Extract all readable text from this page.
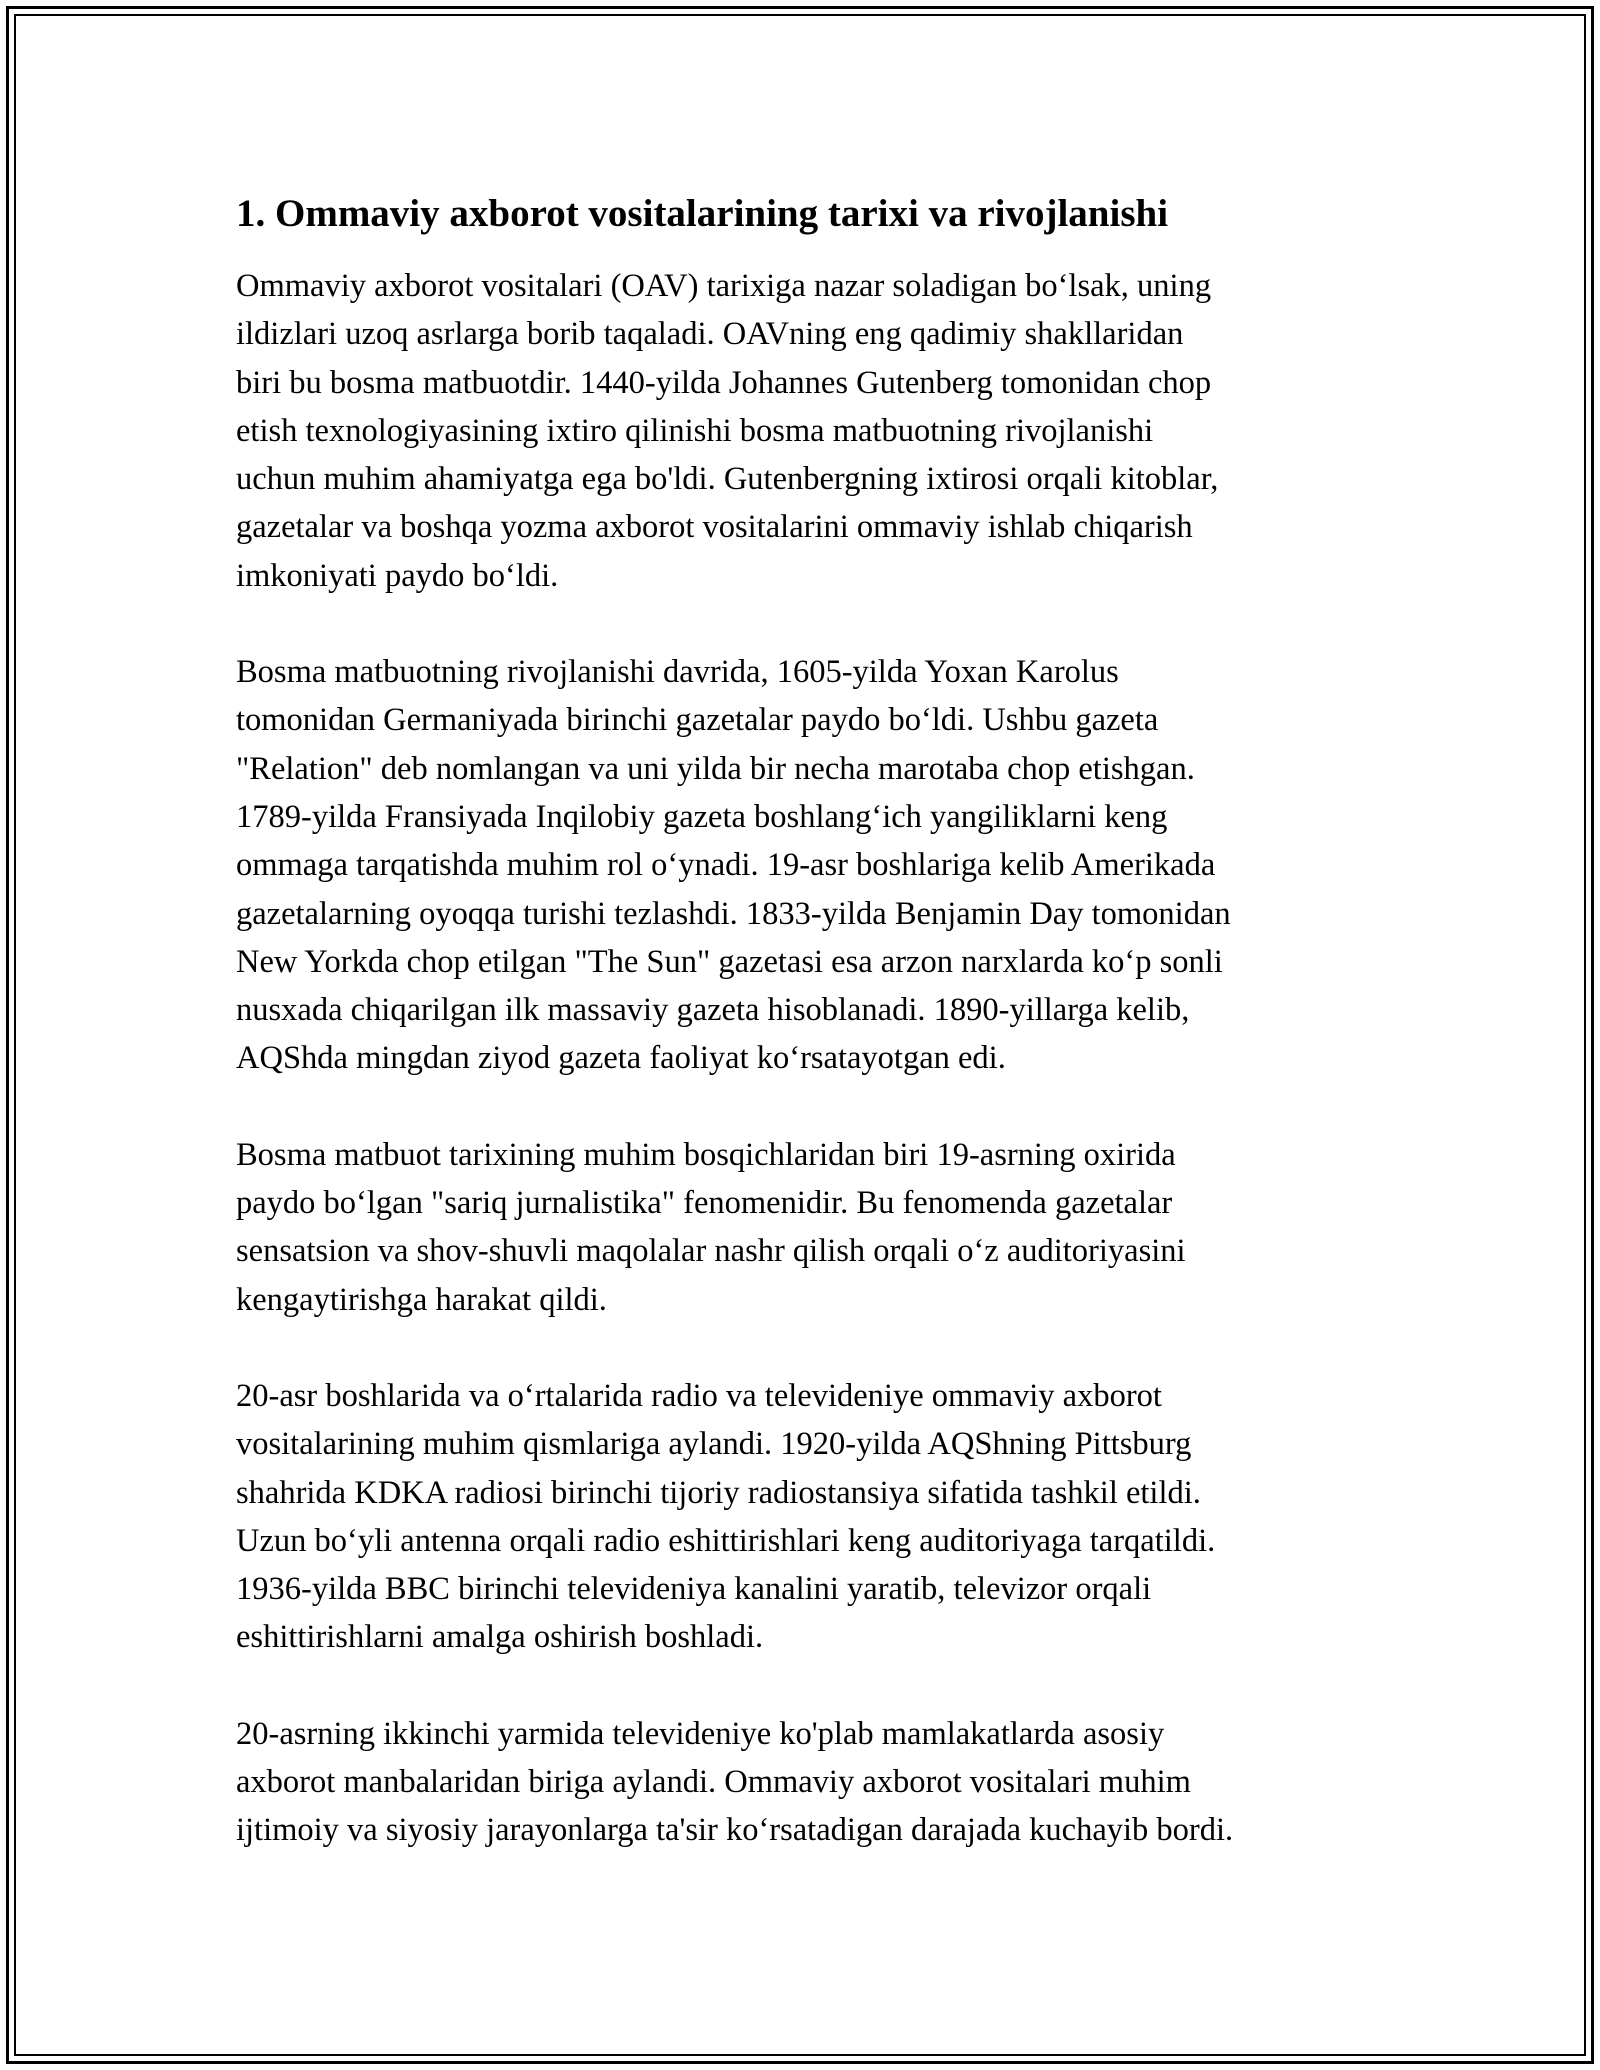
1. Ommaviy axborot vositalarining tarixi va rivojlanishi

Ommaviy axborot vositalari (OAV) tarixiga nazar soladigan boʻlsak, uning
ildizlari uzoq asrlarga borib taqaladi. OAVning eng qadimiy shakllaridan
biri bu bosma matbuotdir. 1440-yilda Johannes Gutenberg tomonidan chop
etish texnologiyasining ixtiro qilinishi bosma matbuotning rivojlanishi
uchun muhim ahamiyatga ega bo'ldi. Gutenbergning ixtirosi orqali kitoblar,
gazetalar va boshqa yozma axborot vositalarini ommaviy ishlab chiqarish
imkoniyati paydo boʻldi.

Bosma matbuotning rivojlanishi davrida, 1605-yilda Yoxan Karolus
tomonidan Germaniyada birinchi gazetalar paydo boʻldi. Ushbu gazeta
"Relation" deb nomlangan va uni yilda bir necha marotaba chop etishgan.
1789-yilda Fransiyada Inqilobiy gazeta boshlangʻich yangiliklarni keng
ommaga tarqatishda muhim rol oʻynadi. 19-asr boshlariga kelib Amerikada
gazetalarning oyoqqa turishi tezlashdi. 1833-yilda Benjamin Day tomonidan
New Yorkda chop etilgan "The Sun" gazetasi esa arzon narxlarda koʻp sonli
nusxada chiqarilgan ilk massaviy gazeta hisoblanadi. 1890-yillarga kelib,
AQShda mingdan ziyod gazeta faoliyat koʻrsatayotgan edi.

Bosma matbuot tarixining muhim bosqichlaridan biri 19-asrning oxirida
paydo boʻlgan "sariq jurnalistika" fenomenidir. Bu fenomenda gazetalar
sensatsion va shov-shuvli maqolalar nashr qilish orqali oʻz auditoriyasini
kengaytirishga harakat qildi.

20-asr boshlarida va oʻrtalarida radio va televideniye ommaviy axborot
vositalarining muhim qismlariga aylandi. 1920-yilda AQShning Pittsburg
shahrida KDKA radiosi birinchi tijoriy radiostansiya sifatida tashkil etildi.
Uzun boʻyli antenna orqali radio eshittirishlari keng auditoriyaga tarqatildi.
1936-yilda BBC birinchi televideniya kanalini yaratib, televizor orqali
eshittirishlarni amalga oshirish boshladi.

20-asrning ikkinchi yarmida televideniye ko'plab mamlakatlarda asosiy
axborot manbalaridan biriga aylandi. Ommaviy axborot vositalari muhim
ijtimoiy va siyosiy jarayonlarga ta'sir koʻrsatadigan darajada kuchayib bordi.
